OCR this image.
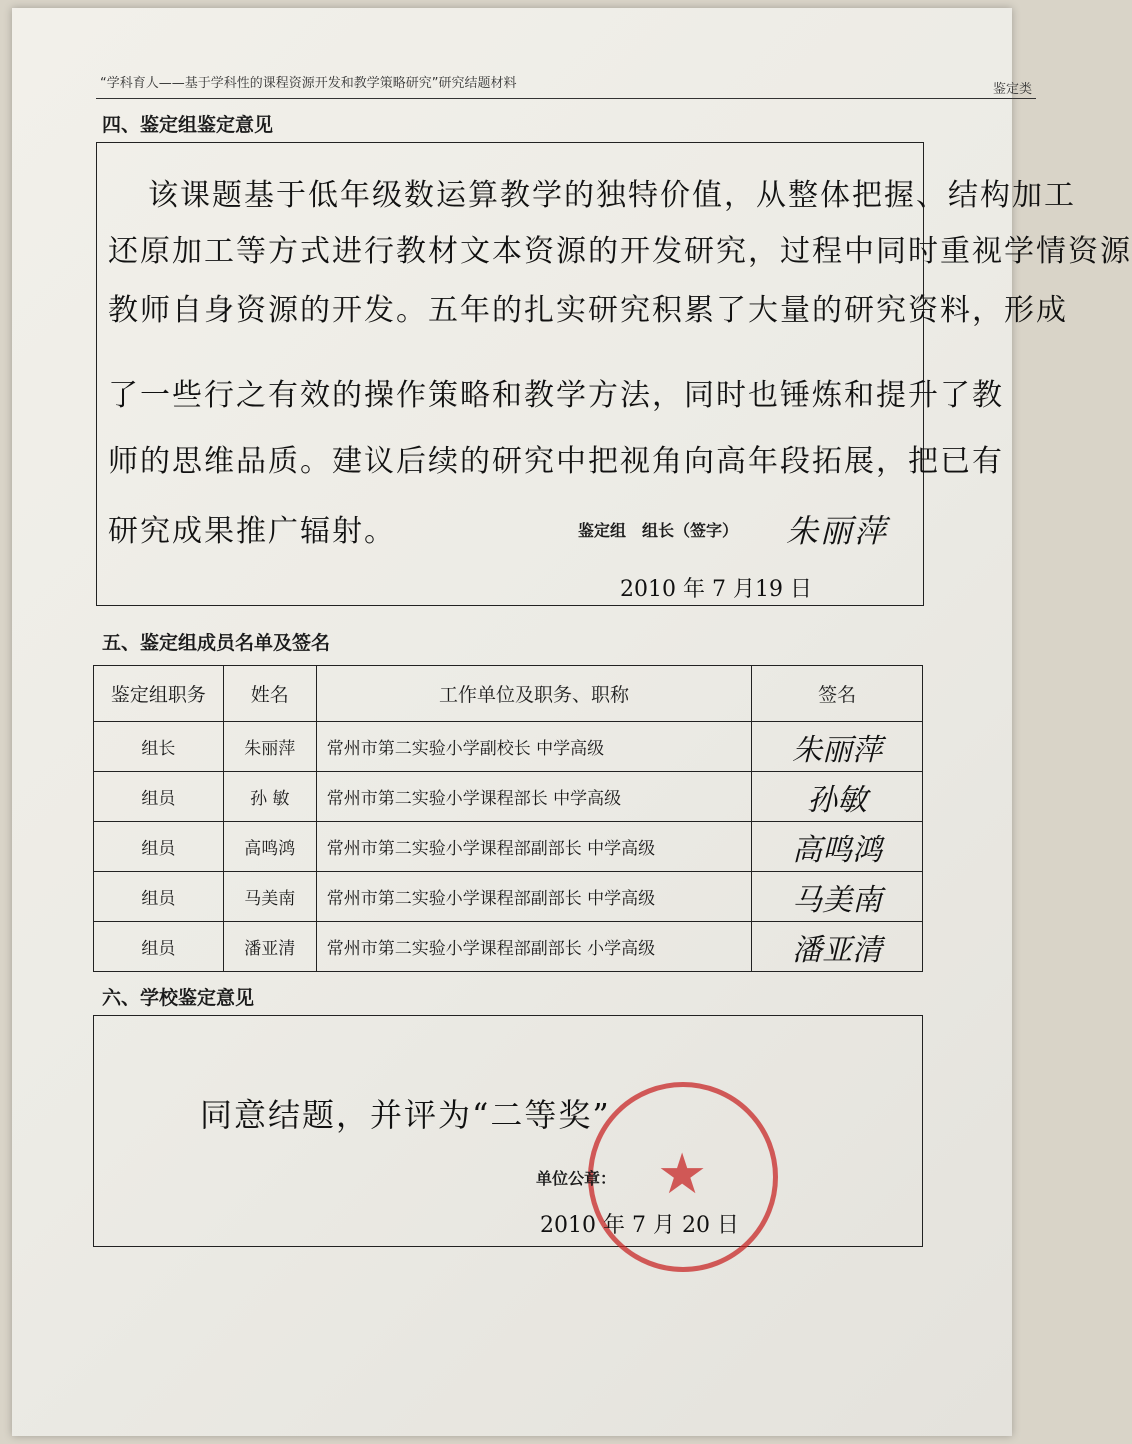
“学科育人——基于学科性的课程资源开发和教学策略研究”研究结题材料	鉴定类
四、鉴定组鉴定意见
该课题基于低年级数运算教学的独特价值，从整体把握、结构加工
还原加工等方式进行教材文本资源的开发研究，过程中同时重视学情资源
教师自身资源的开发。五年的扎实研究积累了大量的研究资料，形成
了一些行之有效的操作策略和教学方法，同时也锤炼和提升了教
师的思维品质。建议后续的研究中把视角向高年段拓展，把已有
研究成果推广辐射。	鉴定组　组长（签字） 朱丽萍
2010 年 7 月19 日
五、鉴定组成员名单及签名
鉴定组职务	姓名	工作单位及职务、职称	签名
组长	朱丽萍	常州市第二实验小学副校长 中学高级	朱丽萍
组员	孙 敏	常州市第二实验小学课程部长 中学高级	孙敏
组员	高鸣鸿	常州市第二实验小学课程部副部长 中学高级	高鸣鸿
组员	马美南	常州市第二实验小学课程部副部长 中学高级	马美南
组员	潘亚清	常州市第二实验小学课程部副部长 小学高级	潘亚清
六、学校鉴定意见
同意结题，并评为“二等奖”
★
单位公章：
2010 年 7 月 20 日
